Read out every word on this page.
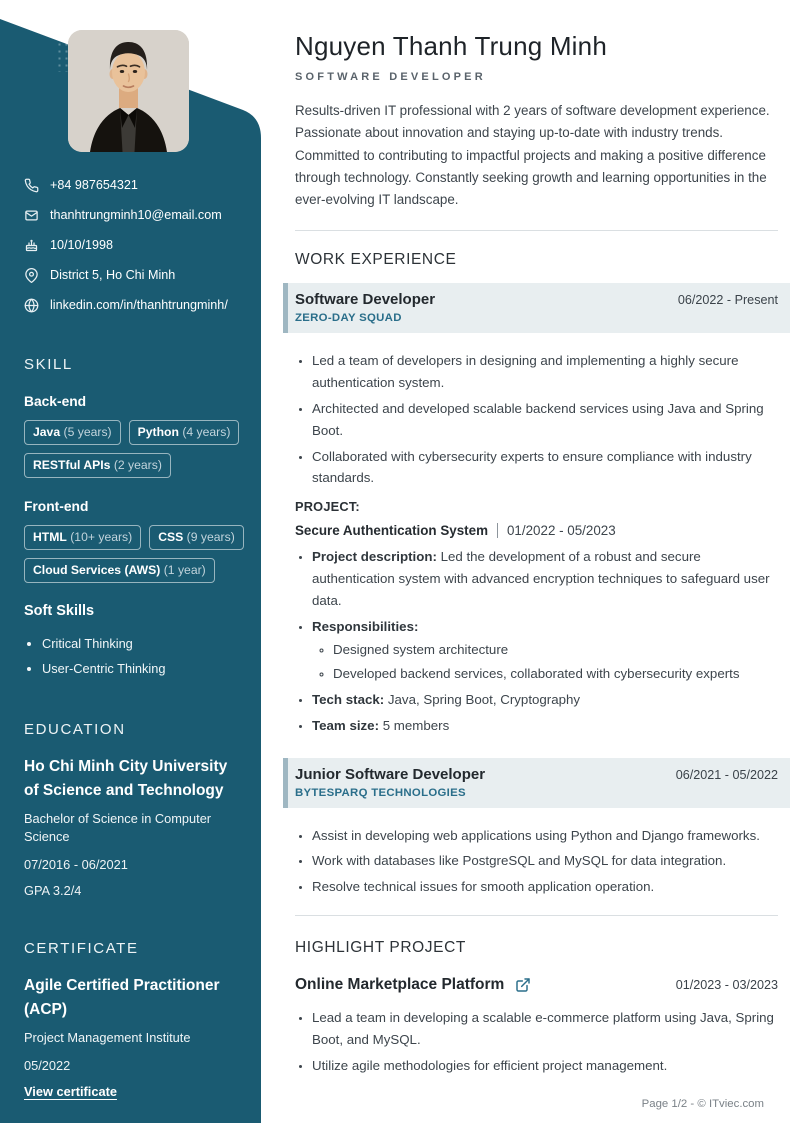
+84 987654321
thanhtrungminh10@email.com
10/10/1998
District 5, Ho Chi Minh
linkedin.com/in/thanhtrungminh/
SKILL
Back-end
Java (5 years)	Python (4 years)
RESTful APIs (2 years)
Front-end
HTML (10+ years)	CSS (9 years)
Cloud Services (AWS) (1 year)
Soft Skills
• Critical Thinking
• User-Centric Thinking
EDUCATION
Ho Chi Minh City University of Science and Technology
Bachelor of Science in Computer Science
07/2016 - 06/2021
GPA 3.2/4
CERTIFICATE
Agile Certified Practitioner (ACP)
Project Management Institute
05/2022
View certificate
Nguyen Thanh Trung Minh
SOFTWARE DEVELOPER

Results-driven IT professional with 2 years of software development experience. Passionate about innovation and staying up-to-date with industry trends. Committed to contributing to impactful projects and making a positive difference through technology. Constantly seeking growth and learning opportunities in the ever-evolving IT landscape.

WORK EXPERIENCE
Software Developer	06/2022 - Present
ZERO-DAY SQUAD
• Led a team of developers in designing and implementing a highly secure authentication system.
• Architected and developed scalable backend services using Java and Spring Boot.
• Collaborated with cybersecurity experts to ensure compliance with industry standards.
PROJECT:
Secure Authentication System 01/2022 - 05/2023
• Project description: Led the development of a robust and secure authentication system with advanced encryption techniques to safeguard user data.
• Responsibilities:
◦ Designed system architecture
◦ Developed backend services, collaborated with cybersecurity experts
• Tech stack: Java, Spring Boot, Cryptography
• Team size: 5 members
Junior Software Developer	06/2021 - 05/2022
BYTESPARQ TECHNOLOGIES
• Assist in developing web applications using Python and Django frameworks.
• Work with databases like PostgreSQL and MySQL for data integration.
• Resolve technical issues for smooth application operation.
HIGHLIGHT PROJECT
Online Marketplace Platform	01/2023 - 03/2023
• Lead a team in developing a scalable e-commerce platform using Java, Spring Boot, and MySQL.
• Utilize agile methodologies for efficient project management.
Page 1/2 - © ITviec.com
